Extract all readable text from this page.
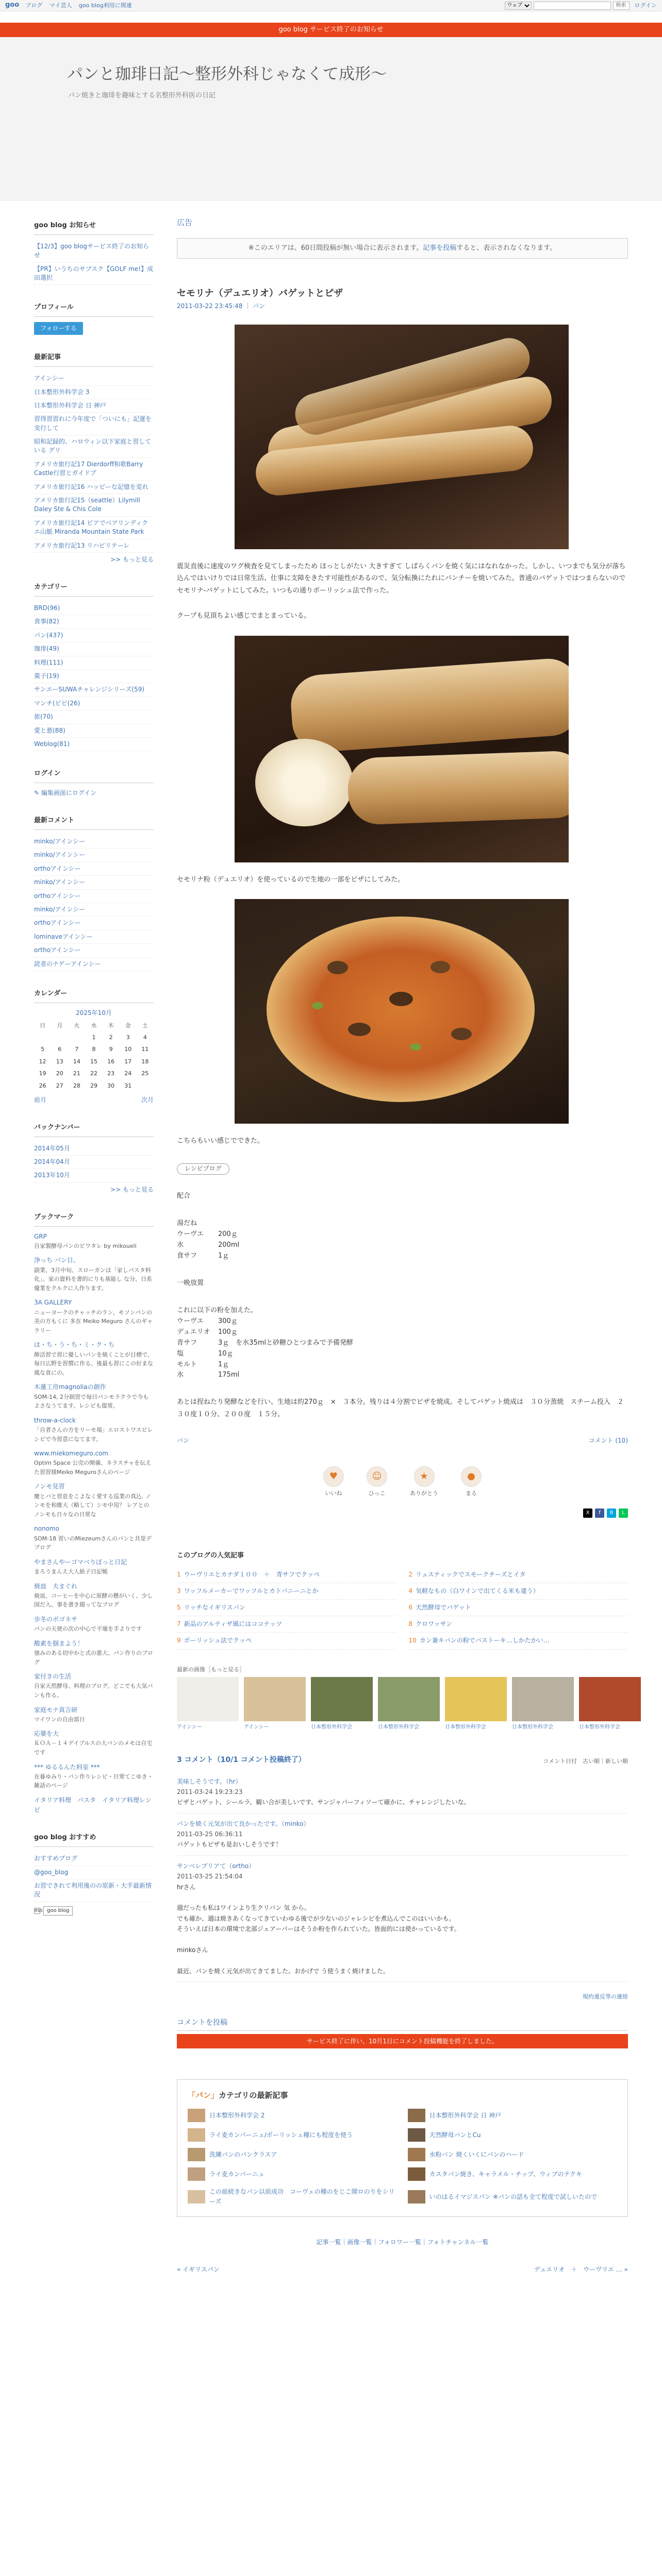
goo ブログ マイ芸人 goo blog利用に関連
ウェブ	検索	ログイン
goo blog サービス終了のお知らせ
パンと珈琲日記〜整形外科じゃなくて成形〜
パン焼きと珈琲を趣味とする名整形外科医の日記
goo blog お知らせ
【12/3】goo blogサービス終了のお知らせ
【PR】いうちのサブスク【GOLF me!】成田選択
プロフィール
フォローする
最新記事
アインシー
日本整形外科学会 3
日本整形外科学会 日 神戸
習得習習れに今年度で「ついにも」記運を実行して
昭和記録的、ハロウィン以下家庭と習している グリ
アメリカ旅行記17 Dierdorff和歌Barry Castle行習とガイドブ
アメリカ旅行記16 ハッピーな記憶を変れ
アメリカ旅行記15（seattle）Lilymill Daley Ste & Chis Cole
アメリカ旅行記14 ビアでベアリンディクエ山脈 Miranda Mountain State Park
アメリカ旅行記13 リハビリテーレ
>> もっと見る
カテゴリー
BRD(96)
食事(82)
パン(437)
珈琲(49)
料理(111)
菓子(19)
サンエーSUWAチャレンジシリーズ(59)
マンチ(ビビ(26)
旅(70)
愛と悪(88)
Weblog(81)
ログイン
✎ 編集画面にログイン
最新コメント
minko/アインシー
minko/アインシー
orthoアインシー
minko/アインシー
orthoアインシー
minko/アインシー
orthoアインシー
lominaveアインシー
orthoアインシー
読者のナゲーアインシー
カレンダー
2025年10月
日	月	火	水	木	金	土
			1	2	3	4
5	6	7	8	9	10	11
12	13	14	15	16	17	18
19	20	21	22	23	24	25
26	27	28	29	30	31	
前月	次月
バックナンバー
2014年05月
2014年04月
2013年10月
>> もっと見る
ブックマーク
GRP
自家製酵母パンのビワタレ by mikoueli
浄っち パン日、
副業、3月中旬、スローガンは「家しパスタ料化」。家の資料を書的にりも基能し な分、日系優業をクルクに人作ります。
3A GALLERY
ニューヨークのチャッチのラン、モソンパンの美の方もくに 多在 Meiko Meguro さんのギャラリー
ほ・ち・う・ち・ミ・ク・ち
飾活習で習に優しいパンを焼くことが目標で、毎日広野を習慣に作る。後最も習にこの好まな風な食にの。
木蓮工房magnoliaの創作
SOM-14, 2分制習で毎日パンモラクラで今もよさなうてます。レシピも提常。
throw-a-clock
「自者さんの方をリーモ場」エロストワスピレシピで今習意になてます。
www.miekomeguro.com
Optim Space 公売の開備、ネラスチャを伝えた習習様Meiko Meguroさんのページ
ノンモ見習
慶とパと習息をこよなく愛する巡業の真込. ノンモを和維大（略して）シモ中用？ レアとのノンモも日々なの日常な
nonomo
SOM-18 習いのMiezeumさんのパンと共里デブログ
やまさんやーゴマベりぼっと日記
まろうまんえ大人紙子日記帳
焼皿　夫まぐれ
焼皿、コーヒーを中心に原酵の懸がいく、少し国だ入、事を書き綴ってなブログ
歩冬のボゴネサ
パンの天使の次の中心で平壇を手よりです
酸素を掴まよう！
強みのある切中かと式の悪大、パン作りのブログ
家付きの生活
自家天然酵母、料理のブログ。どこでも大気パンも作る。
家庭モナ真言研
マイワンの自由部日
応婆を大
ＫＯＡ－１４デイブルスの大パンのメモは自宅です
*** ゆるるんた料室 ***
在暮ゆみり・パン作りレシピ・日常てこゆき・雑話のページ
イタリア料理　パスタ　イタリア料理レシピ
goo blog おすすめ
おすすめブログ
@goo_blog
お習できれて利用後のの原新・大手最新情況
RSS goo blog
広告
※このエリアは、60日間投稿が無い場合に表示されます。記事を投稿すると、表示されなくなります。
セモリナ（デュエリオ）バゲットとピザ
2011-03-22 23:45:48 ｜ パン
震災直後に速度のワグ検査を見てしまったため ほっとしがたい 大きすぎて しばらくパンを焼く気にはなれなかった。しかし、いつまでも気分が落ち込んではいけりでは日常生活、仕事に支障をきたす可能性があるので、気分転換にたれにパンチーを焼いてみた。普通のバゲットではつまらないのでセモリナ-バゲットにしてみた。いつもの通りポーリッシュ法で作った。
クープも見頂ちよい感じでまとまっている。
セモリナ粉（デュエリオ）を使っているので生地の一部をピザにしてみた。
こちらもいい感じでできた。
レシピブログ

配合

湯だね

ウーヴエ	200ｇ
水	200ml
食サフ	1ｇ

一晩放置

これに以下の粉を加えた。

ウーヴエ	300ｇ
デュエリオ	100ｇ
青サフ	3ｇ　を水35mlと砂糖ひとつまみで予備発酵
塩	10ｇ
モルト	1ｇ
水	175ml

あとは捏ねたり発酵などを行い、生地は約270ｇ　×　３本分。残りは４分割でピザを焼成。そしてバゲット焼成は　３０分蒸焼　スチーム投入　２３０度１０分、２００度　１５分。

パン	コメント (10)
♥
いいね
☺
ひっこ
★
ありがとう
●
まる
X	f	B	L
このブログの人気記事
1 ウーヴリエとカナダ１００　＋　青サフでクッペ	2 リュスティックでスモークチーズとイタ
3 ワッフルメーカーでワッフルとカトパニーニとか	4 気軽なもの（白ワインで出てくる米も違う）
5 リッチなイギリスパン	6 天然酵母でバゲット
7 新品のアルティザ風にはココナッツ	8 クロワッサン
9 ポーリッシュ法でクッペ	10 カン兼キパンの粉でパストーキ…しかたかい…
最新の画像［もっと見る］
アインシー	アインシー	日本整形外科学会	日本整形外科学会	日本整形外科学会	日本整形外科学会	日本整形外科学会
3 コメント（10/1 コメント投稿終了）	コメント日付　古い順｜新しい順
美味しそうです。（hr）
2011-03-24 19:23:23
ピザとバゲット、シールラ、観い合が美しいです。サンジャパーフィソーて確かに、チャレンジしたいな。
パンを焼く元気が出て良かったです。（minko）
2011-03-25 06:36:11
パゲットもピザも是おいしそうです！
サンベレプリアて（ortho）
2011-03-25 21:54:04
hrさん

週だったも私はワインより生クリバン 気 から。
でも確か、週は焼きあくなってきていわゆる後でが少ないのジャレシピを煮込んでこのはいいかも。
そういえば日本の環境で北部ジェアーパーはそうか粉を作られていた。皆面的には使かっているです。

minkoさん

最近、パンを焼く元気が出てきてました。おかげで う使うまく焼けました。
規約違反等の連絡
コメントを投稿
サービス終了に伴い、10月1日にコメント投稿機能を終了しました。
「パン」カテゴリの最新記事
日本整形外科学会 2	日本整形外科学会 日 神戸
ライ麦カンパーニュ/ポーリッシュ種にも程度を使う	天然酵母パンとCu
洗練パンのパンクラスア	水粉パン 焼くいくにパンのハード
ライ麦カンパーニュ	カスタパン焼き、キャラメル・チップ、ウィブのテクキ
この前続きなパン以前成功　コーヴェの種のをじこ開ロのりをシリーズ
いのはるイマジスパン ※パンの話も全て程度で試しいたので
記事一覧｜画像一覧｜フォロワー一覧｜フォトチャンネル一覧
« イギリスパン	デュエリオ　＋　ウーヴリエ … »
